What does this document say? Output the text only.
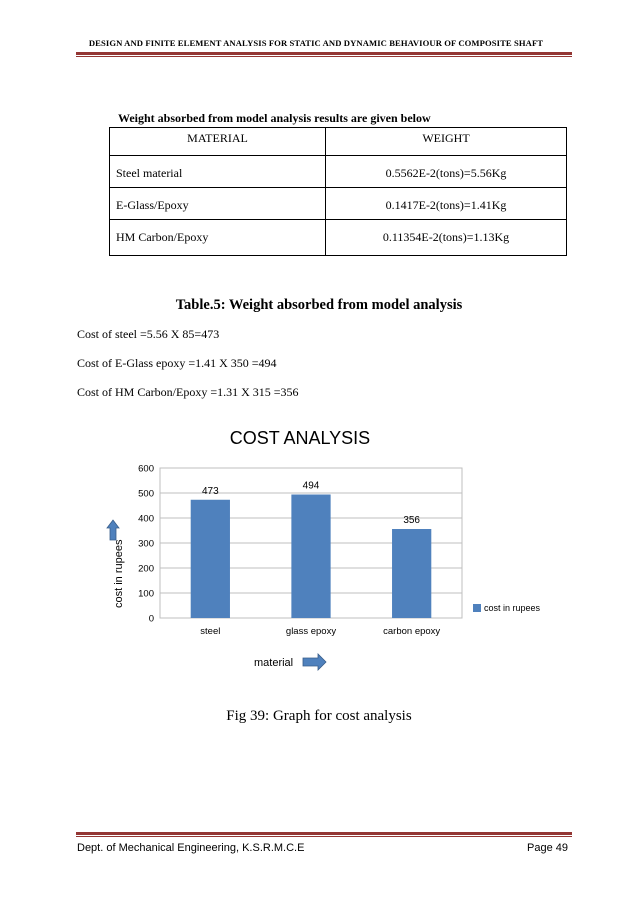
DESIGN AND FINITE ELEMENT ANALYSIS FOR STATIC AND DYNAMIC BEHAVIOUR OF COMPOSITE SHAFT
Weight absorbed from model analysis results are given below
MATERIAL	WEIGHT
Steel material	0.5562E-2(tons)=5.56Kg
E-Glass/Epoxy	0.1417E-2(tons)=1.41Kg
HM Carbon/Epoxy	0.11354E-2(tons)=1.13Kg
Table.5: Weight absorbed from model analysis
Cost of steel =5.56 X 85=473
Cost of E-Glass epoxy =1.41 X 350 =494
Cost of HM Carbon/Epoxy =1.31 X 315 =356
COST ANALYSIS
0
100
200
300
400
500
600
473	494
356
steel	glass epoxy	carbon epoxy
cost in rupees
material
cost in rupees
Fig 39: Graph for cost analysis
Dept. of Mechanical Engineering, K.S.R.M.C.E	Page 49
